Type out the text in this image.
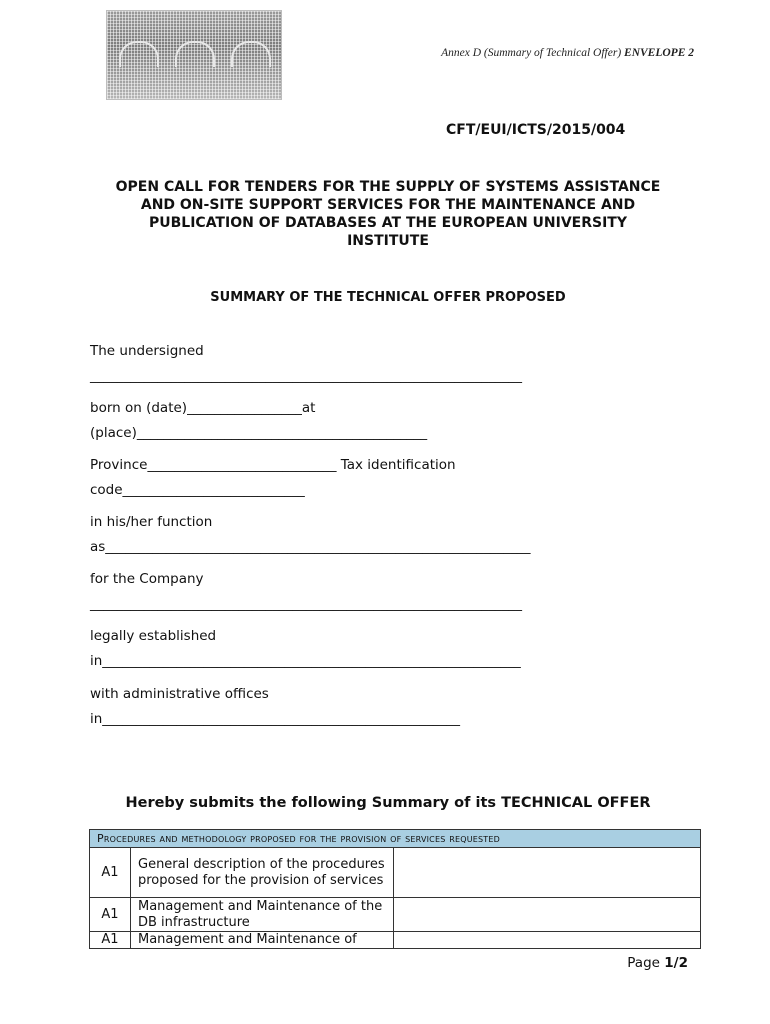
Annex D (Summary of Technical Offer) ENVELOPE 2
CFT/EUI/ICTS/2015/004
OPEN CALL FOR TENDERS FOR THE SUPPLY OF SYSTEMS ASSISTANCE
AND ON-SITE SUPPORT SERVICES FOR THE MAINTENANCE AND
PUBLICATION OF DATABASES AT THE EUROPEAN UNIVERSITY
INSTITUTE
SUMMARY OF THE TECHNICAL OFFER PROPOSED
The undersigned
________________________________________________________________
born on (date)_________________at
(place)___________________________________________
Province____________________________ Tax identification
code___________________________
in his/her function
as_______________________________________________________________
for the Company
________________________________________________________________
legally established
in______________________________________________________________
with administrative offices
in_____________________________________________________
Hereby submits the following Summary of its TECHNICAL OFFER
Procedures and methodology proposed for the provision of services requested		
A1	General description of the procedures proposed for the provision of services	
A1	Management and Maintenance of the DB infrastructure	
A1	Management and Maintenance of	
Page 1/2
